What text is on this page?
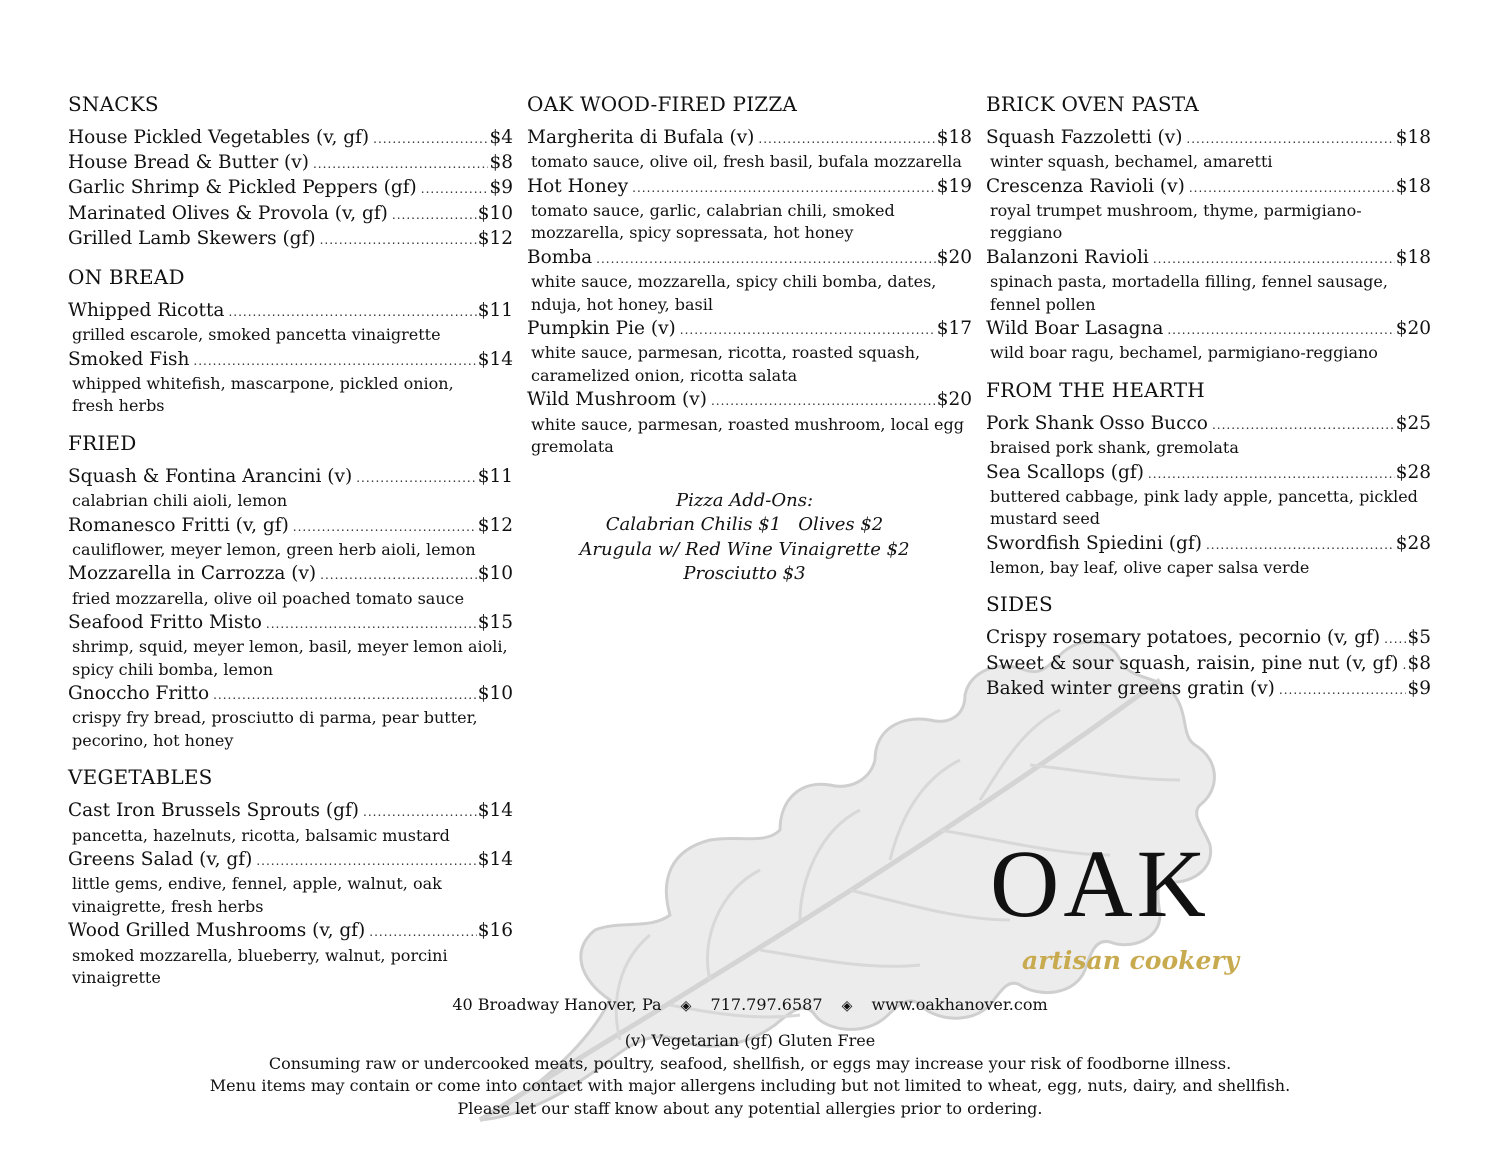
SNACKS
House Pickled Vegetables (v, gf) .....	$4
House Bread & Butter (v) .....	$8
Garlic Shrimp & Pickled Peppers (gf) .....	$9
Marinated Olives & Provola (v, gf) .....	$10
Grilled Lamb Skewers (gf) .....	$12
ON BREAD
Whipped Ricotta .....	$11
grilled escarole, smoked pancetta vinaigrette
Smoked Fish .....	$14
whipped whitefish, mascarpone, pickled onion,
fresh herbs
FRIED
Squash & Fontina Arancini (v) .....	$11
calabrian chili aioli, lemon
Romanesco Fritti (v, gf) .....	$12
cauliflower, meyer lemon, green herb aioli, lemon
Mozzarella in Carrozza (v) .....	$10
fried mozzarella, olive oil poached tomato sauce
Seafood Fritto Misto .....	$15
shrimp, squid, meyer lemon, basil, meyer lemon aioli,
spicy chili bomba, lemon
Gnoccho Fritto .....	$10
crispy fry bread, prosciutto di parma, pear butter,
pecorino, hot honey
VEGETABLES
Cast Iron Brussels Sprouts (gf) .....	$14
pancetta, hazelnuts, ricotta, balsamic mustard
Greens Salad (v, gf) .....	$14
little gems, endive, fennel, apple, walnut, oak
vinaigrette, fresh herbs
Wood Grilled Mushrooms (v, gf) .....	$16
smoked mozzarella, blueberry, walnut, porcini
vinaigrette
OAK WOOD-FIRED PIZZA
Margherita di Bufala (v) .....	$18
tomato sauce, olive oil, fresh basil, bufala mozzarella
Hot Honey .....	$19
tomato sauce, garlic, calabrian chili, smoked
mozzarella, spicy sopressata, hot honey
Bomba .....	$20
white sauce, mozzarella, spicy chili bomba, dates,
nduja, hot honey, basil
Pumpkin Pie (v) .....	$17
white sauce, parmesan, ricotta, roasted squash,
caramelized onion, ricotta salata
Wild Mushroom (v) .....	$20
white sauce, parmesan, roasted mushroom, local egg
gremolata
Pizza Add-Ons:
Calabrian Chilis $1   Olives $2
Arugula w/ Red Wine Vinaigrette $2
Prosciutto $3
BRICK OVEN PASTA
Squash Fazzoletti (v) .....	$18
winter squash, bechamel, amaretti
Crescenza Ravioli (v) .....	$18
royal trumpet mushroom, thyme, parmigiano-
reggiano
Balanzoni Ravioli .....	$18
spinach pasta, mortadella filling, fennel sausage,
fennel pollen
Wild Boar Lasagna .....	$20
wild boar ragu, bechamel, parmigiano-reggiano
FROM THE HEARTH
Pork Shank Osso Bucco .....	$25
braised pork shank, gremolata
Sea Scallops (gf) .....	$28
buttered cabbage, pink lady apple, pancetta, pickled
mustard seed
Swordfish Spiedini (gf) .....	$28
lemon, bay leaf, olive caper salsa verde
SIDES
Crispy rosemary potatoes, pecornio (v, gf) ..... $5
Sweet & sour squash, raisin, pine nut (v, gf) ..... $8
Baked winter greens gratin (v) .....	$9
OAK
artisan cookery
40 Broadway Hanover, Pa ◈ 717.797.6587 ◈ www.oakhanover.com
(v) Vegetarian (gf) Gluten Free
Consuming raw or undercooked meats, poultry, seafood, shellfish, or eggs may increase your risk of foodborne illness.
Menu items may contain or come into contact with major allergens including but not limited to wheat, egg, nuts, dairy, and shellfish.
Please let our staff know about any potential allergies prior to ordering.
